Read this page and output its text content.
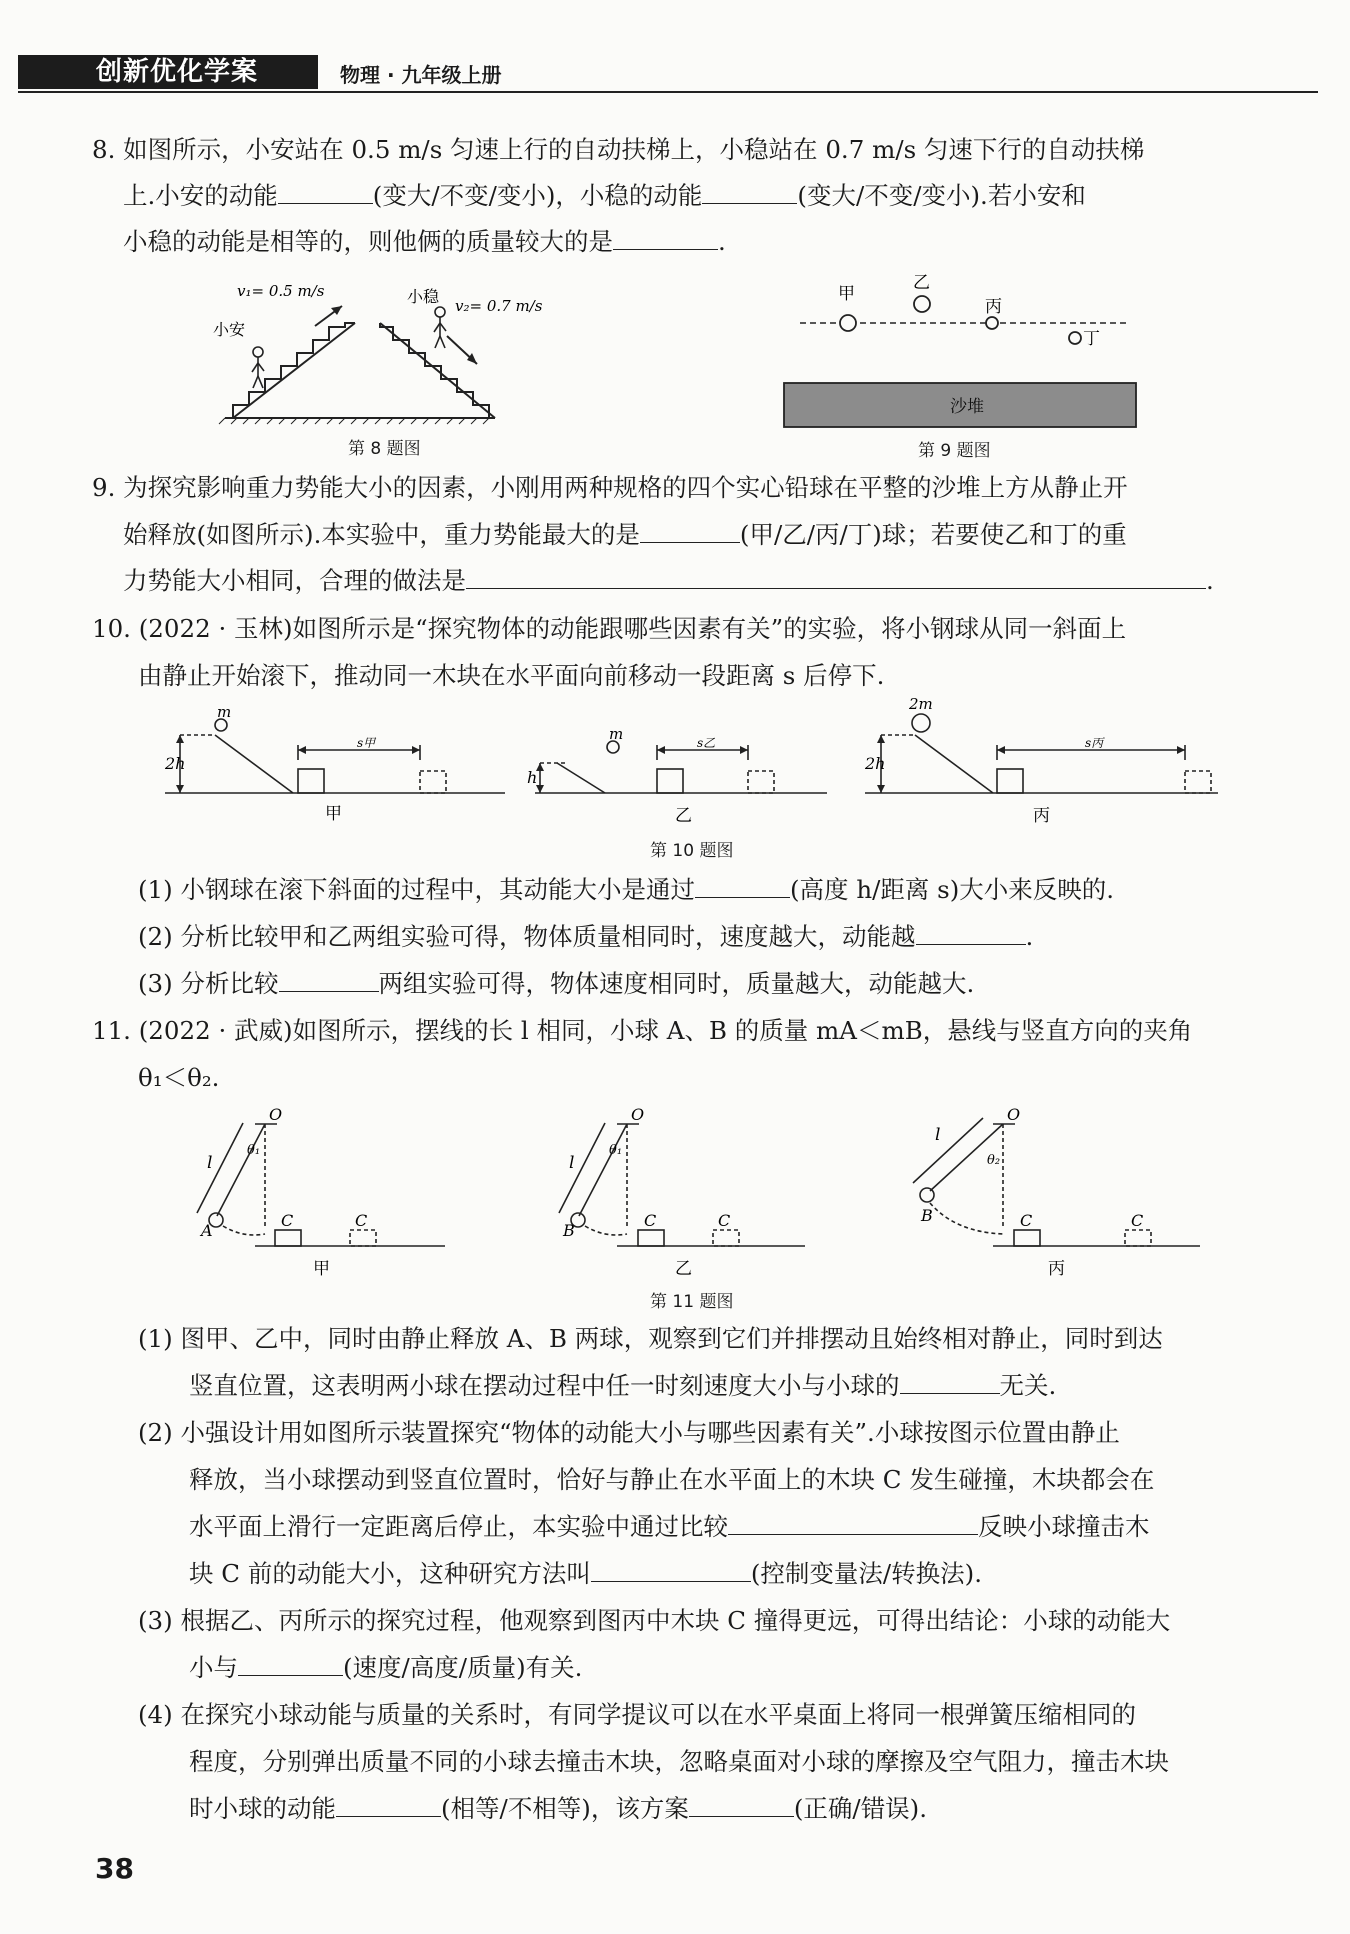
创新优化学案	物理 · 九年级上册
8. 如图所示，小安站在 0.5 m/s 匀速上行的自动扶梯上，小稳站在 0.7 m/s 匀速下行的自动扶梯
上.小安的动能	(变大/不变/变小)，小稳的动能	(变大/不变/变小).若小安和
小稳的动能是相等的，则他俩的质量较大的是	.
v₁= 0.5 m/s
小安
小稳 v₂= 0.7 m/s
第 8 题图
甲
乙
丙
丁
沙堆
第 9 题图
9. 为探究影响重力势能大小的因素，小刚用两种规格的四个实心铅球在平整的沙堆上方从静止开
始释放(如图所示).本实验中，重力势能最大的是	(甲/乙/丙/丁)球；若要使乙和丁的重
力势能大小相同，合理的做法是	.
10. (2022 · 玉林)如图所示是“探究物体的动能跟哪些因素有关”的实验，将小钢球从同一斜面上
由静止开始滚下，推动同一木块在水平面向前移动一段距离 s 后停下.
m
2h
s甲
甲
m
h
s乙
乙
2m
2h
s丙
丙
第 10 题图
(1) 小钢球在滚下斜面的过程中，其动能大小是通过	(高度 h/距离 s)大小来反映的.
(2) 分析比较甲和乙两组实验可得，物体质量相同时，速度越大，动能越	.
(3) 分析比较	两组实验可得，物体速度相同时，质量越大，动能越大.
11. (2022 · 武威)如图所示，摆线的长 l 相同，小球 A、B 的质量 mA＜mB，悬线与竖直方向的夹角
θ₁＜θ₂.
O
l
θ₁
A
C	C
甲
O
l
θ₁
B
C	C
乙
O
l
θ₂
B	C	C
丙
第 11 题图
(1) 图甲、乙中，同时由静止释放 A、B 两球，观察到它们并排摆动且始终相对静止，同时到达
竖直位置，这表明两小球在摆动过程中任一时刻速度大小与小球的	无关.
(2) 小强设计用如图所示装置探究“物体的动能大小与哪些因素有关”.小球按图示位置由静止
释放，当小球摆动到竖直位置时，恰好与静止在水平面上的木块 C 发生碰撞，木块都会在
水平面上滑行一定距离后停止，本实验中通过比较	反映小球撞击木
块 C 前的动能大小，这种研究方法叫	(控制变量法/转换法).
(3) 根据乙、丙所示的探究过程，他观察到图丙中木块 C 撞得更远，可得出结论：小球的动能大
小与	(速度/高度/质量)有关.
(4) 在探究小球动能与质量的关系时，有同学提议可以在水平桌面上将同一根弹簧压缩相同的
程度，分别弹出质量不同的小球去撞击木块，忽略桌面对小球的摩擦及空气阻力，撞击木块
时小球的动能	(相等/不相等)，该方案	(正确/错误).
38
